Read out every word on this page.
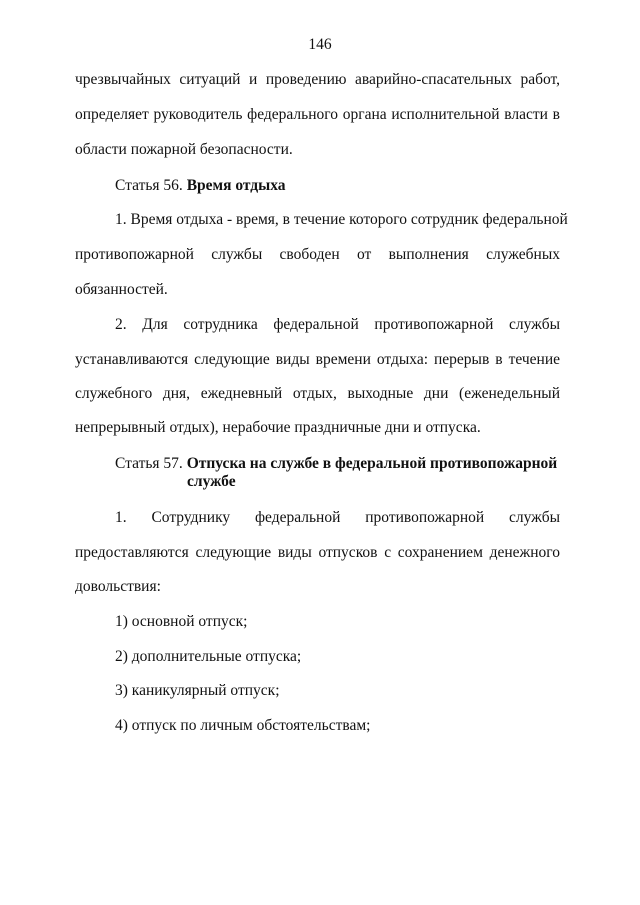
146
чрезвычайных ситуаций и проведению аварийно-спасательных работ,
определяет руководитель федерального органа исполнительной власти в
области пожарной безопасности.
Статья 56. Время отдыха
1. Время отдыха - время, в течение которого сотрудник федеральной
противопожарной службы свободен от выполнения служебных
обязанностей.
2. Для сотрудника федеральной противопожарной службы
устанавливаются следующие виды времени отдыха: перерыв в течение
служебного дня, ежедневный отдых, выходные дни (еженедельный
непрерывный отдых), нерабочие праздничные дни и отпуска.
Статья 57. Отпуска на службе в федеральной противопожарной
службе
1. Сотруднику федеральной противопожарной службы
предоставляются следующие виды отпусков с сохранением денежного
довольствия:
1) основной отпуск;
2) дополнительные отпуска;
3) каникулярный отпуск;
4) отпуск по личным обстоятельствам;
